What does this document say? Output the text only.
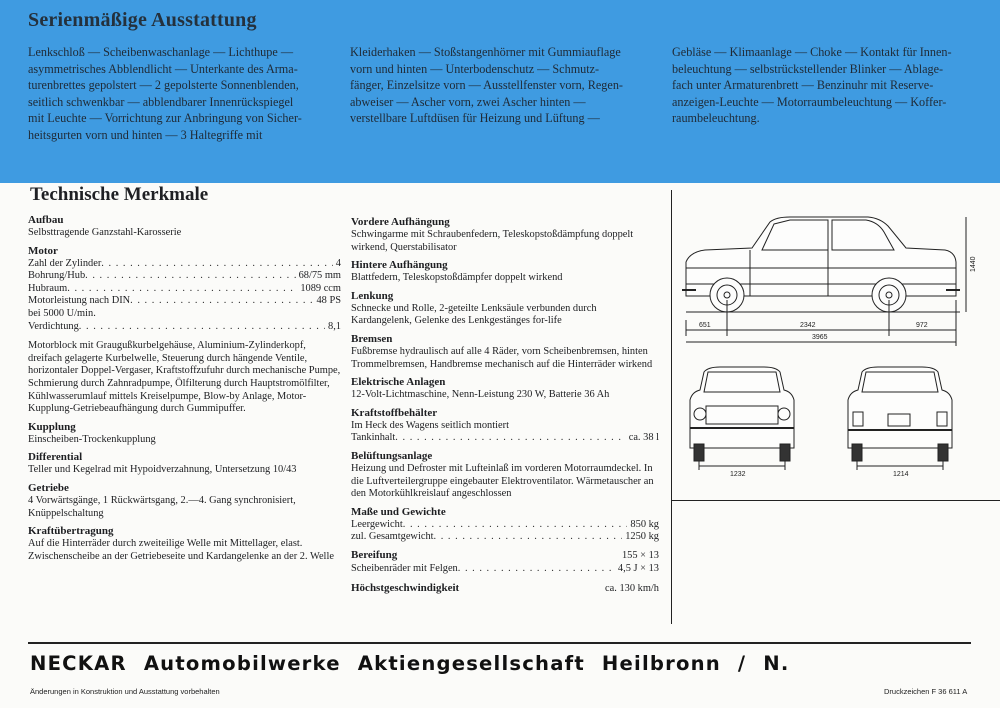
Serienmäßige Ausstattung
Lenkschloß — Scheibenwaschanlage — Lichthupe —
asymmetrisches Abblendlicht — Unterkante des Arma-
turenbrettes gepolstert — 2 gepolsterte Sonnenblenden,
seitlich schwenkbar — abblendbarer Innenrückspiegel
mit Leuchte — Vorrichtung zur Anbringung von Sicher-
heitsgurten vorn und hinten — 3 Haltegriffe mit
Kleiderhaken — Stoßstangenhörner mit Gummiauflage
vorn und hinten — Unterbodenschutz — Schmutz-
fänger, Einzelsitze vorn — Ausstellfenster vorn, Regen-
abweiser — Ascher vorn, zwei Ascher hinten —
verstellbare Luftdüsen für Heizung und Lüftung —
Gebläse — Klimaanlage — Choke — Kontakt für Innen-
beleuchtung — selbstrückstellender Blinker — Ablage-
fach unter Armaturenbrett — Benzinuhr mit Reserve-
anzeigen-Leuchte — Motorraumbeleuchtung — Koffer-
raumbeleuchtung.
Technische Merkmale
Aufbau
Selbsttragende Ganzstahl-Karosserie
Motor
Zahl der Zylinder . . .	4
Bohrung/Hub . . .	68/75 mm
Hubraum . . .	1089 ccm
Motorleistung nach DIN . . .	48 PS
bei 5000 U/min.
Verdichtung . . .	8,1
Motorblock mit Graugußkurbelgehäuse, Aluminium-Zylinderkopf, dreifach gelagerte Kurbelwelle, Steuerung durch hängende Ventile, horizontaler Doppel-Vergaser, Kraftstoffzufuhr durch mechanische Pumpe, Schmierung durch Zahnradpumpe, Ölfilterung durch Hauptstromölfilter, Kühlwasserumlauf mittels Kreiselpumpe, Blow-by Anlage, Motor-Kupplung-Getriebeaufhängung durch Gummipuffer.
Kupplung
Einscheiben-Trockenkupplung
Differential
Teller und Kegelrad mit Hypoidverzahnung, Untersetzung 10/43
Getriebe
4 Vorwärtsgänge, 1 Rückwärtsgang, 2.—4. Gang synchronisiert, Knüppelschaltung
Kraftübertragung
Auf die Hinterräder durch zweiteilige Welle mit Mittellager, elast. Zwischenscheibe an der Getriebeseite und Kardangelenke an der 2. Welle
Vordere Aufhängung
Schwingarme mit Schraubenfedern, Teleskopstoßdämpfung doppelt wirkend, Querstabilisator
Hintere Aufhängung
Blattfedern, Teleskopstoßdämpfer doppelt wirkend
Lenkung
Schnecke und Rolle, 2-geteilte Lenksäule verbunden durch Kardangelenk, Gelenke des Lenkgestänges for-life
Bremsen
Fußbremse hydraulisch auf alle 4 Räder, vorn Scheibenbremsen, hinten Trommelbremsen, Handbremse mechanisch auf die Hinterräder wirkend
Elektrische Anlagen
12-Volt-Lichtmaschine, Nenn-Leistung 230 W, Batterie 36 Ah
Kraftstoffbehälter
Im Heck des Wagens seitlich montiert
Tankinhalt . . .	ca. 38 l
Belüftungsanlage
Heizung und Defroster mit Lufteinlaß im vorderen Motorraumdeckel. In die Luftverteilergruppe eingebauter Elektroventilator. Wärmetauscher an den Motorkühlkreislauf angeschlossen
Maße und Gewichte
Leergewicht . . .	850 kg
zul. Gesamtgewicht . . .	1250 kg
Bereifung	155 × 13
Scheibenräder mit Felgen . . .	4,5 J × 13
Höchstgeschwindigkeit	ca. 130 km/h
651	2342	972
3965
1440
1232	1214
NECKAR Automobilwerke Aktiengesellschaft Heilbronn / N.
Änderungen in Konstruktion und Ausstattung vorbehalten	Druckzeichen F 36 611 A
